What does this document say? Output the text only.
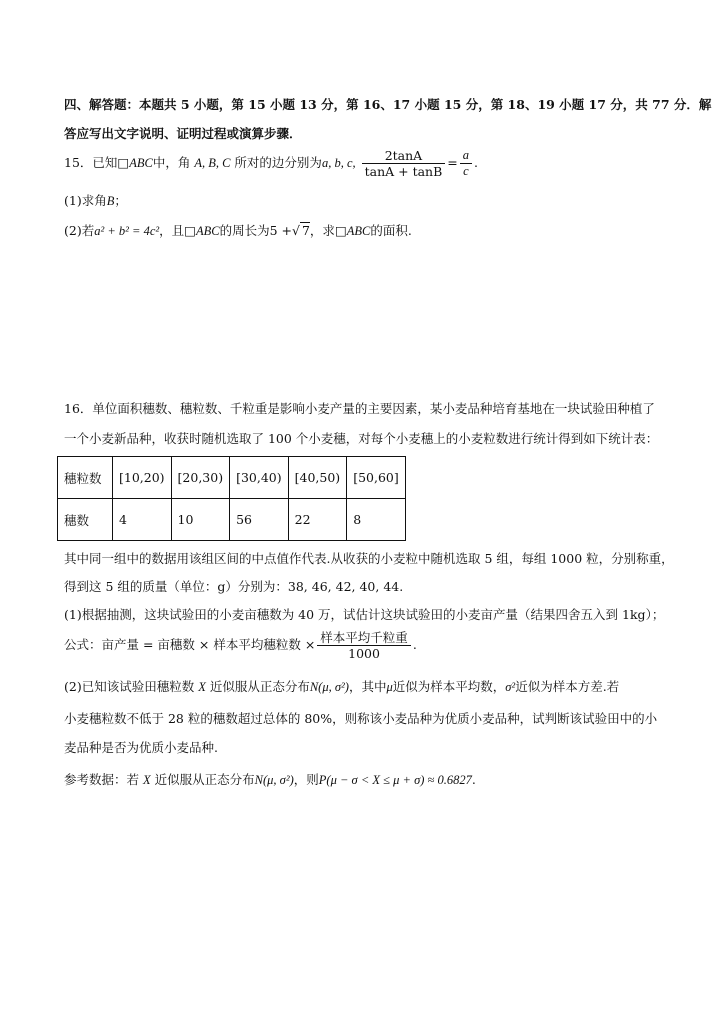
四、解答题：本题共 5 小题，第 15 小题 13 分，第 16、17 小题 15 分，第 18、19 小题 17 分，共 77 分．解
答应写出文字说明、证明过程或演算步骤．
15．已知□ABC中，角 A, B, C 所对的边分别为a, b, c, $\frac{2\tan A}{\tan A + \tan B} = \frac{a}{c}$ .
(1)求角B；
(2)若a² + b² = 4c²，且□ABC的周长为5 +√ 7，求□ABC的面积.
16．单位面积穗数、穗粒数、千粒重是影响小麦产量的主要因素，某小麦品种培育基地在一块试验田种植了
一个小麦新品种，收获时随机选取了 100 个小麦穗，对每个小麦穗上的小麦粒数进行统计得到如下统计表：
穗粒数	[10,20)	[20,30)	[30,40)	[40,50)	[50,60]
穗数	4	10	56	22	8
其中同一组中的数据用该组区间的中点值作代表.从收获的小麦粒中随机选取 5 组，每组 1000 粒，分别称重，
得到这 5 组的质量（单位：g）分别为：38, 46, 42, 40, 44.
(1)根据抽测，这块试验田的小麦亩穗数为 40 万，试估计这块试验田的小麦亩产量（结果四舍五入到 1kg）；
公式：亩产量 = 亩穗数 × 样本平均穗粒数 × $\frac{\text{样本平均千粒重}}{1000}$ .
(2)已知该试验田穗粒数 X 近似服从正态分布N(μ, σ²)，其中μ近似为样本平均数，σ²近似为样本方差.若
小麦穗粒数不低于 28 粒的穗数超过总体的 80%，则称该小麦品种为优质小麦品种，试判断该试验田中的小
麦品种是否为优质小麦品种.
参考数据：若 X 近似服从正态分布N(μ, σ²)，则P(μ − σ < X ≤ μ + σ) ≈ 0.6827.
